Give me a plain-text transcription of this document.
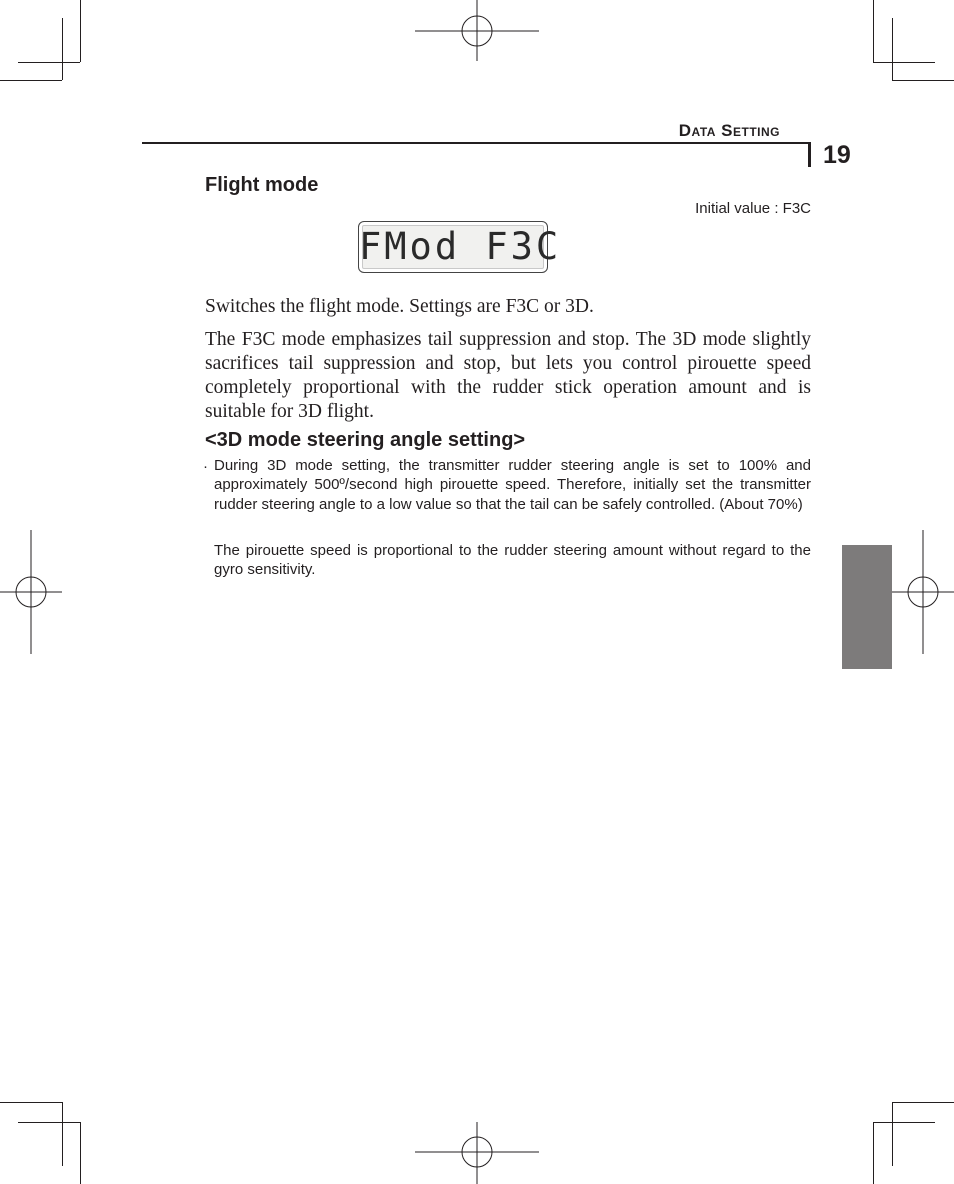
Data Setting
19
Flight mode
Initial value : F3C
FMod F3C

Switches the flight mode. Settings are F3C or 3D.

The F3C mode emphasizes tail suppression and stop. The 3D mode slightly sacrifices tail suppression and stop, but lets you control pirouette speed completely proportional with the rudder stick operation amount and is suitable for 3D flight.

<3D mode steering angle setting>
· During 3D mode setting, the transmitter rudder steering angle is set to 100% and approximately 500º/second high pirouette speed. Therefore, initially set the transmitter rudder steering angle to a low value so that the tail can be safely controlled. (About 70%)

The pirouette speed is proportional to the rudder steering amount without regard to the gyro sensitivity.
